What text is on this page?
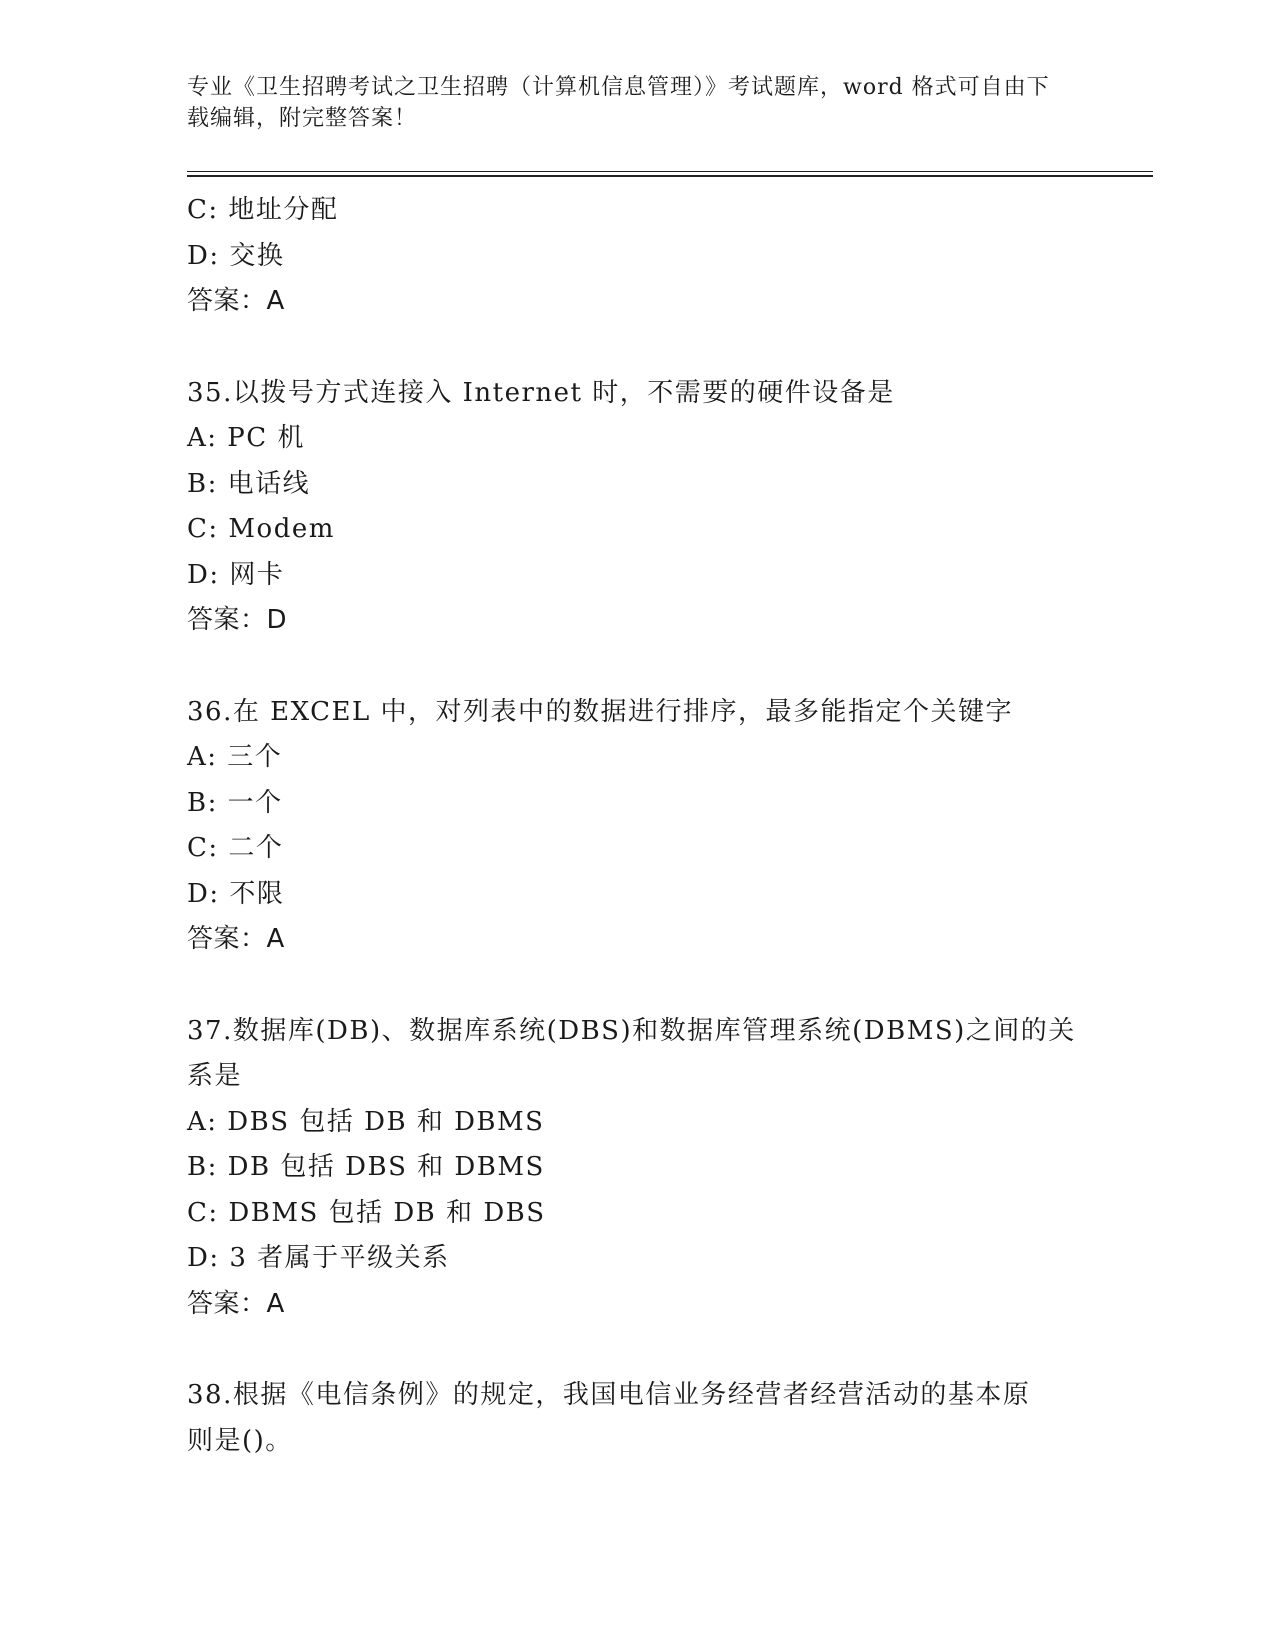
专业《卫生招聘考试之卫生招聘（计算机信息管理）》考试题库，word 格式可自由下载编辑，附完整答案！
C: 地址分配
D: 交换
答案：A
35.以拨号方式连接入 Internet 时，不需要的硬件设备是
A: PC 机
B: 电话线
C: Modem
D: 网卡
答案：D
36.在 EXCEL 中，对列表中的数据进行排序，最多能指定个关键字
A: 三个
B: 一个
C: 二个
D: 不限
答案：A
37.数据库(DB)、数据库系统(DBS)和数据库管理系统(DBMS)之间的关
系是
A: DBS 包括 DB 和 DBMS
B: DB 包括 DBS 和 DBMS
C: DBMS 包括 DB 和 DBS
D: 3 者属于平级关系
答案：A
38.根据《电信条例》的规定，我国电信业务经营者经营活动的基本原
则是()。
